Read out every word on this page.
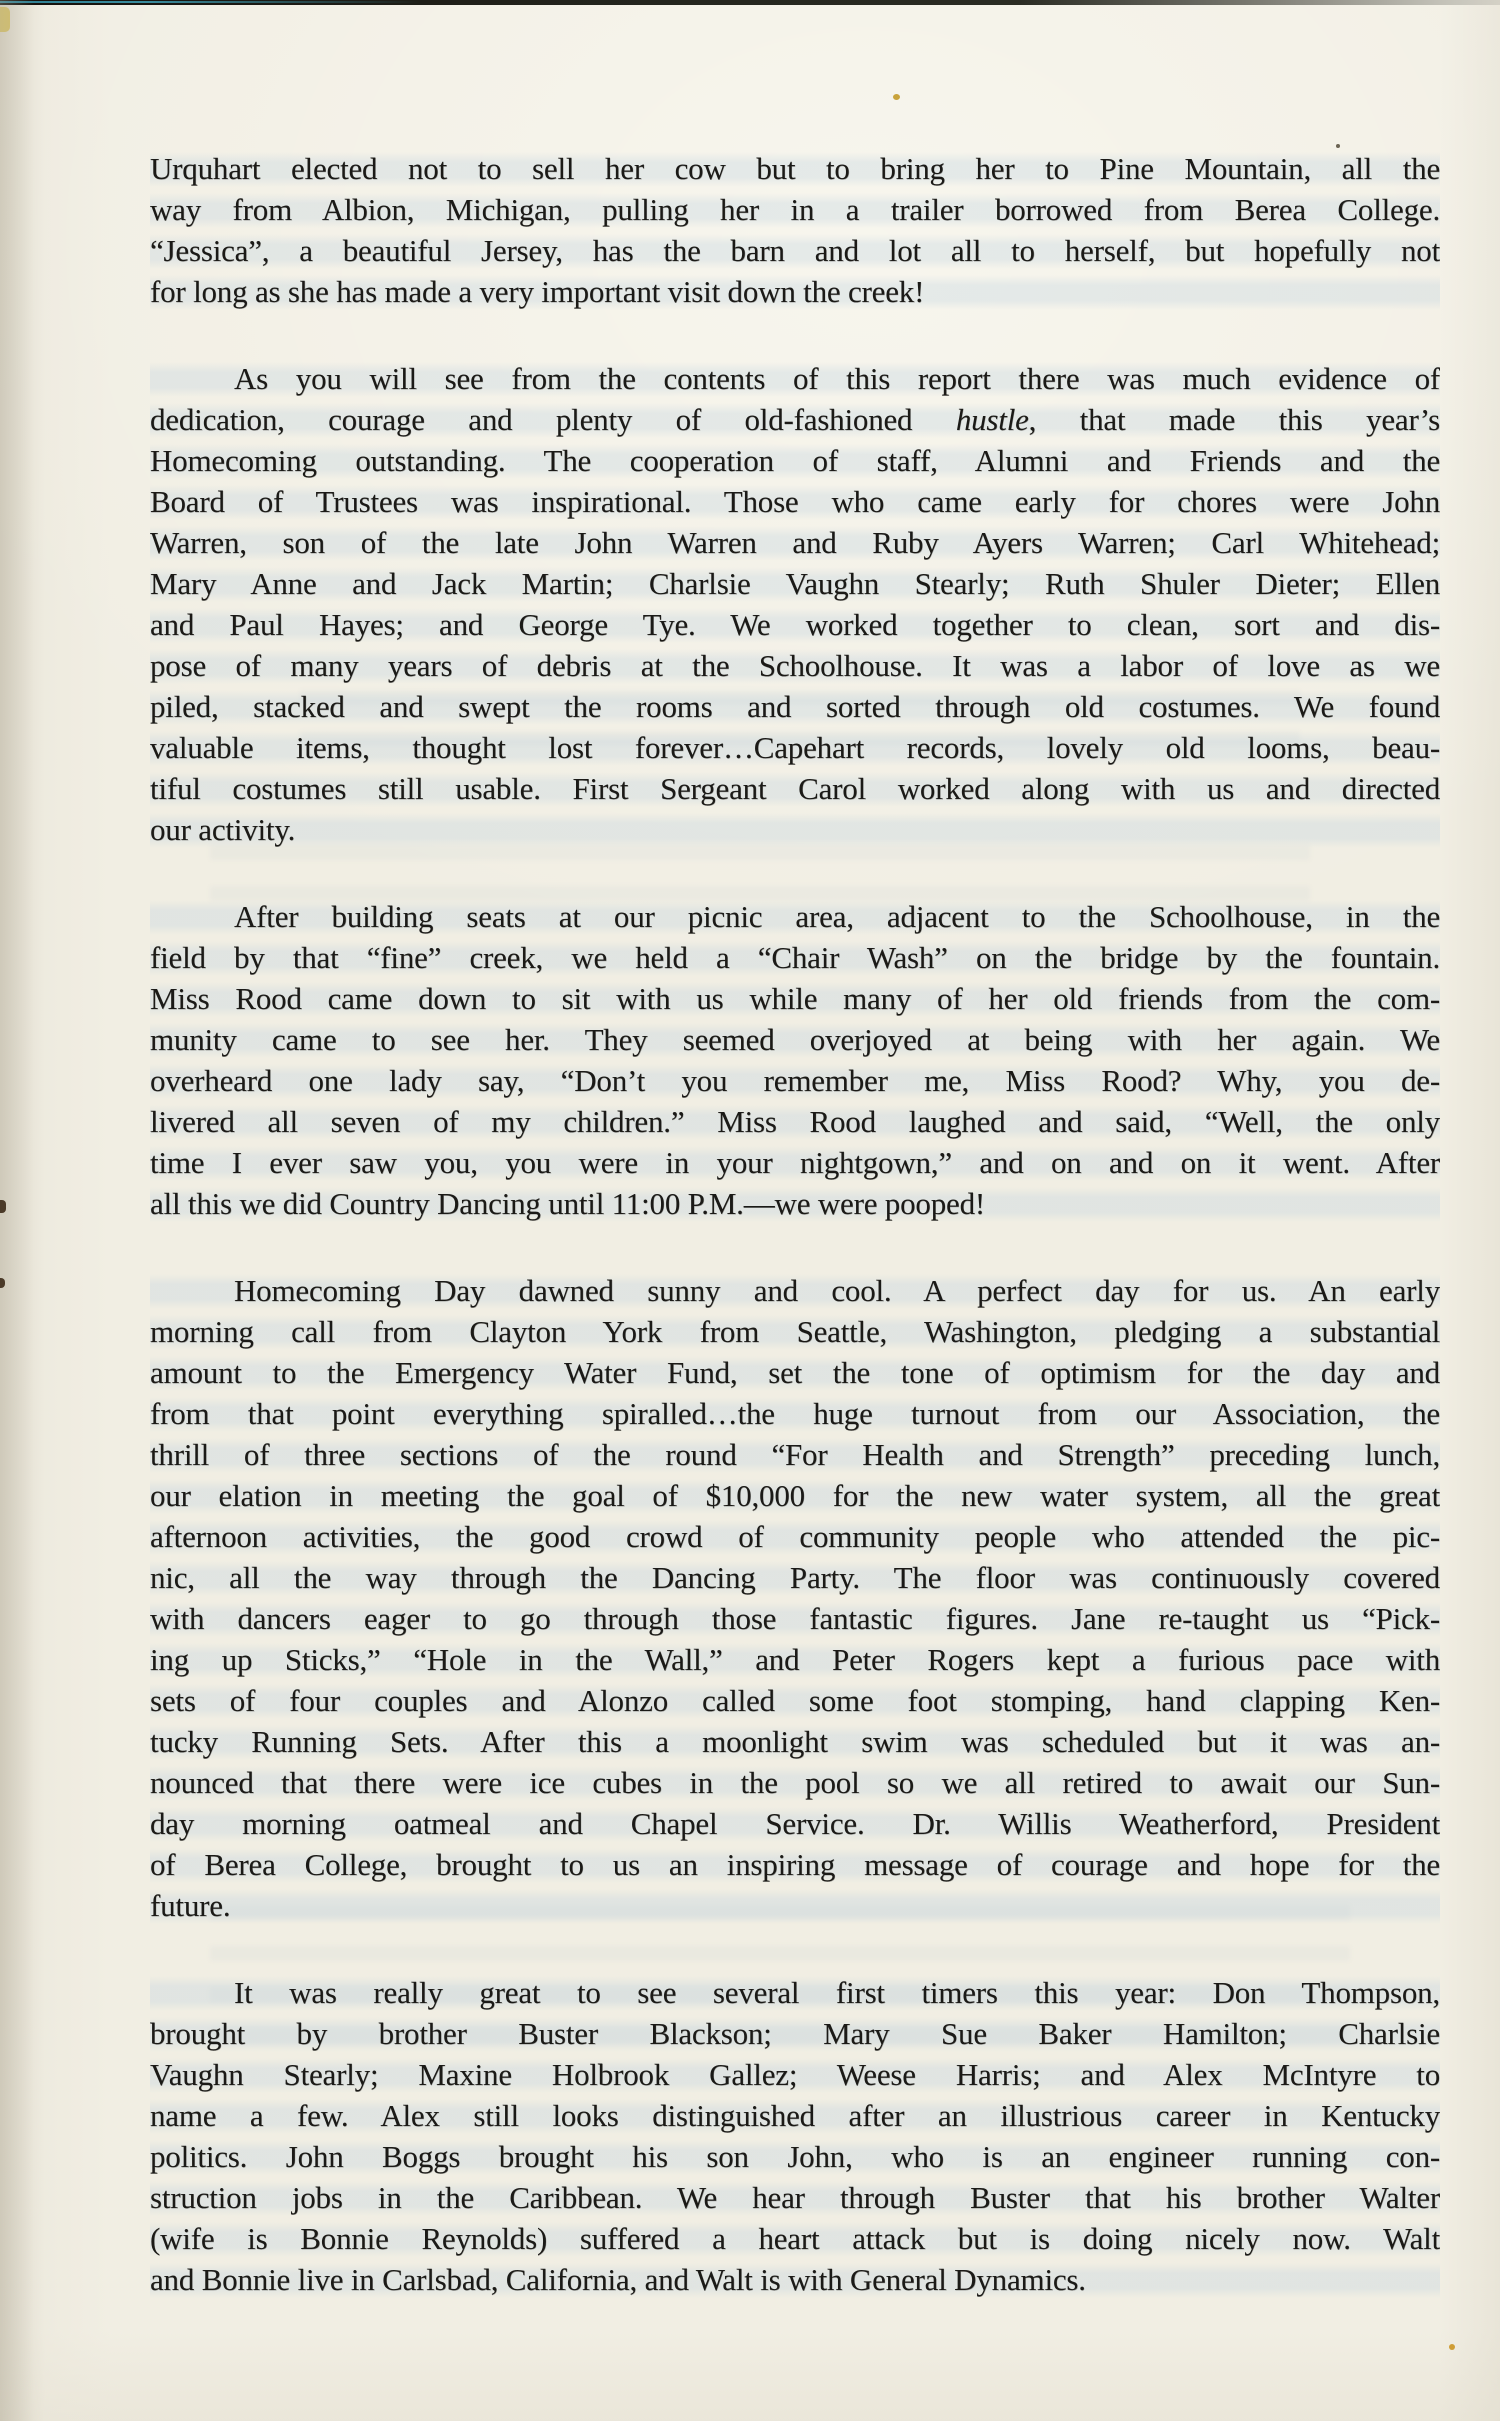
Urquhart elected not to sell her cow but to bring her to Pine Mountain, all the
way from Albion, Michigan, pulling her in a trailer borrowed from Berea College.
“Jessica”, a beautiful Jersey, has the barn and lot all to herself, but hopefully not
for long as she has made a very important visit down the creek!
As you will see from the contents of this report there was much evidence of
dedication, courage and plenty of old-fashioned hustle, that made this year’s
Homecoming outstanding. The cooperation of staff, Alumni and Friends and the
Board of Trustees was inspirational. Those who came early for chores were John
Warren, son of the late John Warren and Ruby Ayers Warren; Carl Whitehead;
Mary Anne and Jack Martin; Charlsie Vaughn Stearly; Ruth Shuler Dieter; Ellen
and Paul Hayes; and George Tye. We worked together to clean, sort and dis-
pose of many years of debris at the Schoolhouse. It was a labor of love as we
piled, stacked and swept the rooms and sorted through old costumes. We found
valuable items, thought lost forever…Capehart records, lovely old looms, beau-
tiful costumes still usable. First Sergeant Carol worked along with us and directed
our activity.
After building seats at our picnic area, adjacent to the Schoolhouse, in the
field by that “fine” creek, we held a “Chair Wash” on the bridge by the fountain.
Miss Rood came down to sit with us while many of her old friends from the com-
munity came to see her. They seemed overjoyed at being with her again. We
overheard one lady say, “Don’t you remember me, Miss Rood? Why, you de-
livered all seven of my children.” Miss Rood laughed and said, “Well, the only
time I ever saw you, you were in your nightgown,” and on and on it went. After
all this we did Country Dancing until 11:00 P.M.—we were pooped!
Homecoming Day dawned sunny and cool. A perfect day for us. An early
morning call from Clayton York from Seattle, Washington, pledging a substantial
amount to the Emergency Water Fund, set the tone of optimism for the day and
from that point everything spiralled…the huge turnout from our Association, the
thrill of three sections of the round “For Health and Strength” preceding lunch,
our elation in meeting the goal of $10,000 for the new water system, all the great
afternoon activities, the good crowd of community people who attended the pic-
nic, all the way through the Dancing Party. The floor was continuously covered
with dancers eager to go through those fantastic figures. Jane re-taught us “Pick-
ing up Sticks,” “Hole in the Wall,” and Peter Rogers kept a furious pace with
sets of four couples and Alonzo called some foot stomping, hand clapping Ken-
tucky Running Sets. After this a moonlight swim was scheduled but it was an-
nounced that there were ice cubes in the pool so we all retired to await our Sun-
day morning oatmeal and Chapel Service. Dr. Willis Weatherford, President
of Berea College, brought to us an inspiring message of courage and hope for the
future.
It was really great to see several first timers this year: Don Thompson,
brought by brother Buster Blackson; Mary Sue Baker Hamilton; Charlsie
Vaughn Stearly; Maxine Holbrook Gallez; Weese Harris; and Alex McIntyre to
name a few. Alex still looks distinguished after an illustrious career in Kentucky
politics. John Boggs brought his son John, who is an engineer running con-
struction jobs in the Caribbean. We hear through Buster that his brother Walter
(wife is Bonnie Reynolds) suffered a heart attack but is doing nicely now. Walt
and Bonnie live in Carlsbad, California, and Walt is with General Dynamics.
